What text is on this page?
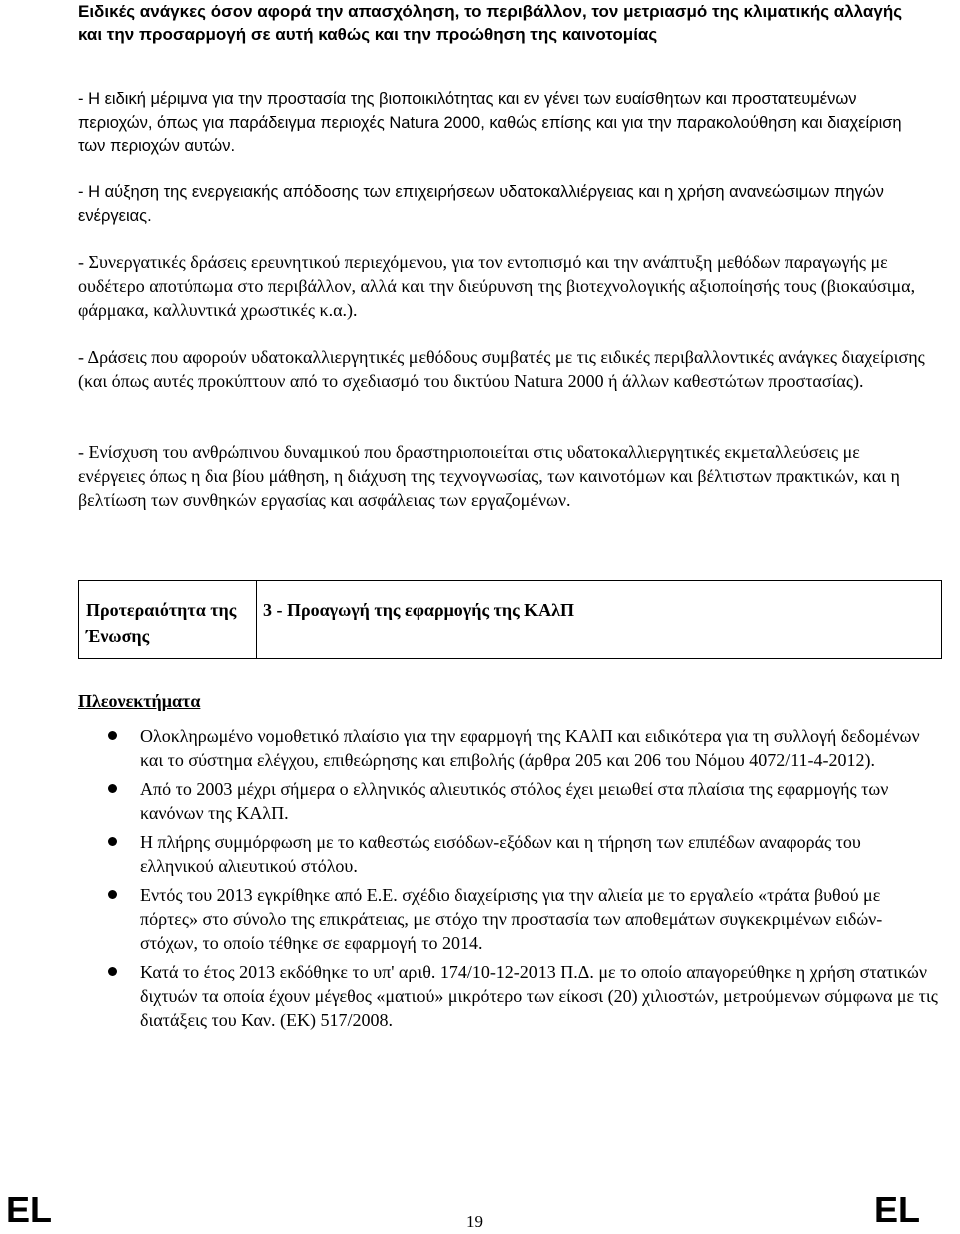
Ειδικές ανάγκες όσον αφορά την απασχόληση, το περιβάλλον, τον μετριασμό της κλιματικής αλλαγής και την προσαρμογή σε αυτή καθώς και την προώθηση της καινοτομίας

- Η ειδική μέριμνα για την προστασία της βιοποικιλότητας και εν γένει των ευαίσθητων και προστατευμένων περιοχών, όπως για παράδειγμα περιοχές Natura 2000, καθώς επίσης και για την παρακολούθηση και διαχείριση των περιοχών αυτών.

- Η αύξηση της ενεργειακής απόδοσης των επιχειρήσεων υδατοκαλλιέργειας και η χρήση ανανεώσιμων πηγών ενέργειας.

- Συνεργατικές δράσεις ερευνητικού περιεχόμενου, για τον εντοπισμό και την ανάπτυξη μεθόδων παραγωγής με ουδέτερο αποτύπωμα στο περιβάλλον, αλλά και την διεύρυνση της βιοτεχνολογικής αξιοποίησής τους (βιοκαύσιμα, φάρμακα, καλλυντικά χρωστικές κ.α.).

- Δράσεις που αφορούν υδατοκαλλιεργητικές μεθόδους συμβατές με τις ειδικές περιβαλλοντικές ανάγκες διαχείρισης (και όπως αυτές προκύπτουν από το σχεδιασμό του δικτύου Natura 2000 ή άλλων καθεστώτων προστασίας).

- Ενίσχυση του ανθρώπινου δυναμικού που δραστηριοποιείται στις υδατοκαλλιεργητικές εκμεταλλεύσεις με ενέργειες όπως η δια βίου μάθηση, η διάχυση της τεχνογνωσίας, των καινοτόμων και βέλτιστων πρακτικών, και η βελτίωση των συνθηκών εργασίας και ασφάλειας των εργαζομένων.

Προτεραιότητα της Ένωσης
3 - Προαγωγή της εφαρμογής της ΚΑλΠ
Πλεονεκτήματα
Ολοκληρωμένο νομοθετικό πλαίσιο για την εφαρμογή της ΚΑλΠ και ειδικότερα για τη συλλογή δεδομένων και το σύστημα ελέγχου, επιθεώρησης και επιβολής (άρθρα 205 και 206 του Νόμου 4072/11-4-2012).
Από το 2003 μέχρι σήμερα ο ελληνικός αλιευτικός στόλος έχει μειωθεί στα πλαίσια της εφαρμογής των κανόνων της ΚΑλΠ.
Η πλήρης συμμόρφωση με το καθεστώς εισόδων-εξόδων και η τήρηση των επιπέδων αναφοράς του ελληνικού αλιευτικού στόλου.
Εντός του 2013 εγκρίθηκε από Ε.Ε. σχέδιο διαχείρισης για την αλιεία με το εργαλείο «τράτα βυθού με πόρτες» στο σύνολο της επικράτειας, με στόχο την προστασία των αποθεμάτων συγκεκριμένων ειδών-στόχων, το οποίο τέθηκε σε εφαρμογή το 2014.
Κατά το έτος 2013 εκδόθηκε το υπ' αριθ. 174/10-12-2013 Π.Δ. με το οποίο απαγορεύθηκε η χρήση στατικών διχτυών τα οποία έχουν μέγεθος «ματιού» μικρότερο των είκοσι (20) χιλιοστών, μετρούμενων σύμφωνα με τις διατάξεις του Καν. (ΕΚ) 517/2008.
EL	19	EL
